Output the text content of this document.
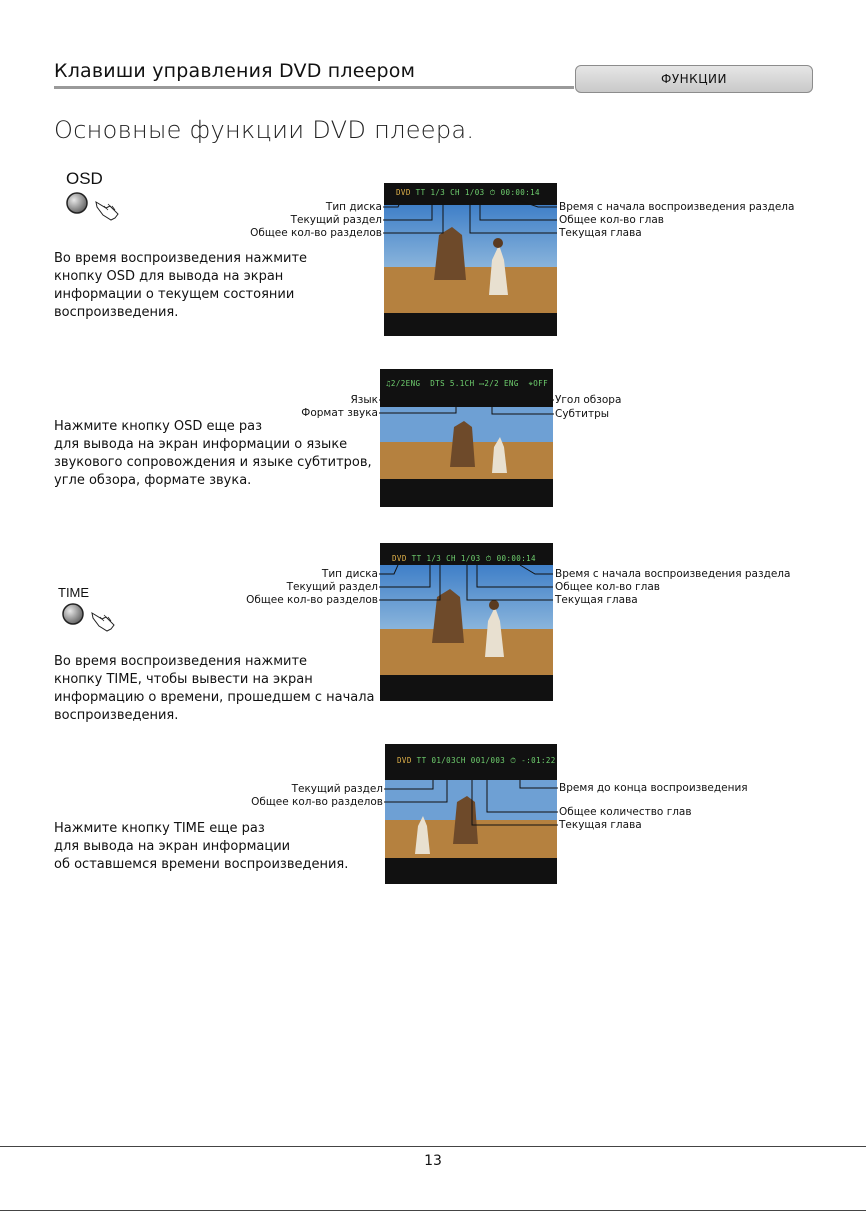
Клавиши управления DVD плеером	ФУНКЦИИ
Основные функции DVD плеера.
OSD
Во время воспроизведения нажмите
кнопку OSD для вывода на экран
информации о текущем состоянии
воспроизведения.
DVD TT 1/3 CH 1/03 ⏱ 00:00:14
Тип диска
Текущий раздел
Общее кол-во разделов
Время с начала воспроизведения раздела
Общее кол-во глав
Текущая глава
Нажмите кнопку OSD еще раз
для вывода на экран информации о языке
звукового сопровождения и языке субтитров,
угле обзора, формате звука.
♫2/2ENG DTS 5.1CH ▭2/2 ENG ⌖OFF
Язык
Формат звука
Угол обзора
Субтитры
TIME
Во время воспроизведения нажмите
кнопку TIME, чтобы вывести на экран
информацию о времени, прошедшем с начала
воспроизведения.
DVD TT 1/3 CH 1/03 ⏱ 00:00:14
Тип диска
Текущий раздел
Общее кол-во разделов
Время с начала воспроизведения раздела
Общее кол-во глав
Текущая глава
Нажмите кнопку TIME еще раз
для вывода на экран информации
об оставшемся времени воспроизведения.
DVD TT 01/03CH 001/003 ⏱ -:01:22
Текущий раздел
Общее кол-во разделов
Время до конца воспроизведения
Общее количество глав
Текущая глава
13
